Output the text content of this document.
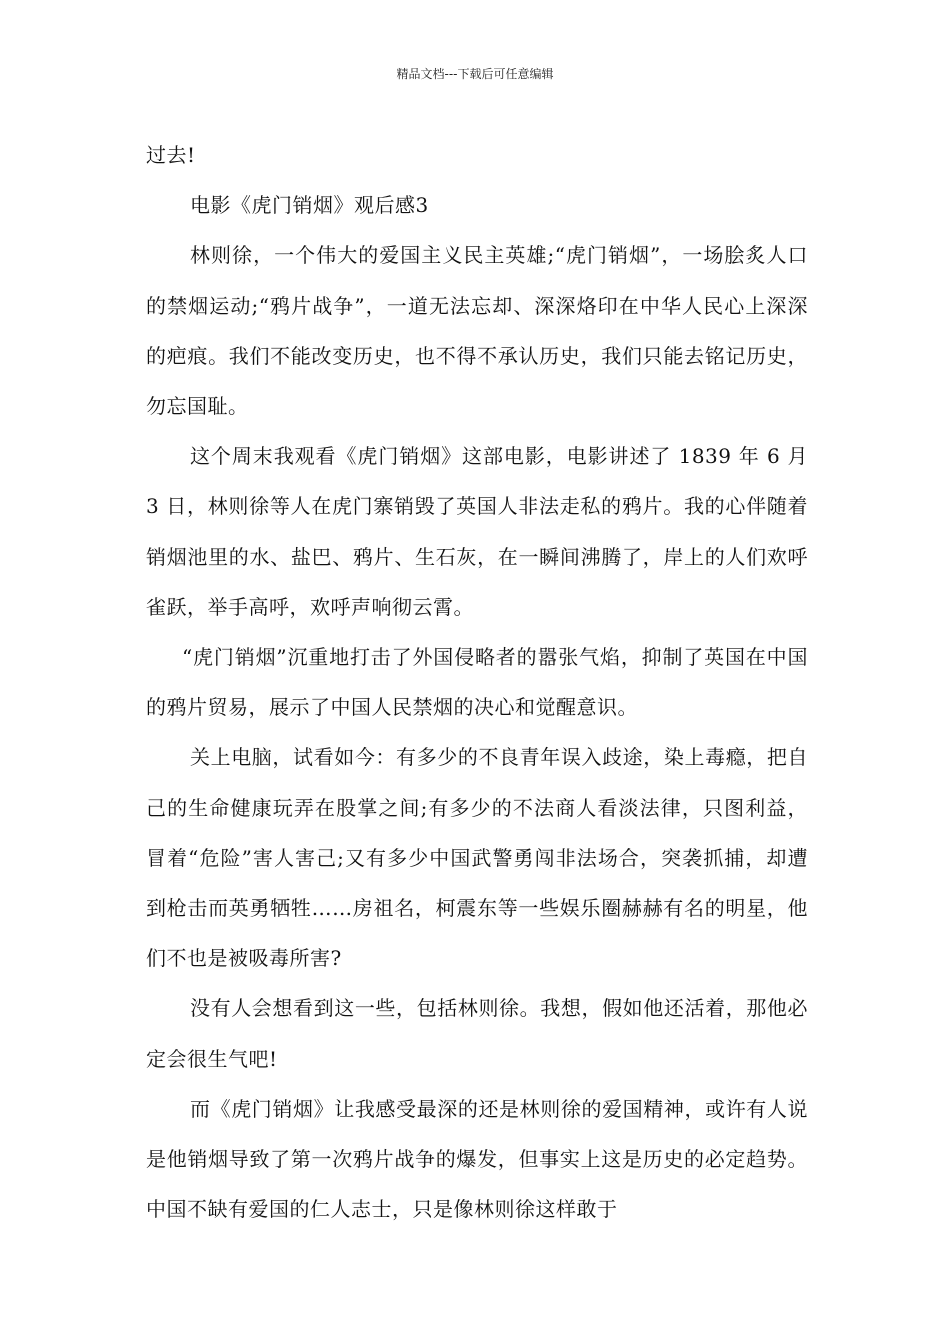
精品文档---下载后可任意编辑

过去!

电影《虎门销烟》观后感3

林则徐，一个伟大的爱国主义民主英雄;“虎门销烟”，一场脍炙人口的禁烟运动;“鸦片战争”，一道无法忘却、深深烙印在中华人民心上深深的疤痕。我们不能改变历史，也不得不承认历史，我们只能去铭记历史，勿忘国耻。

这个周末我观看《虎门销烟》这部电影，电影讲述了 1839 年 6 月 3 日，林则徐等人在虎门寨销毁了英国人非法走私的鸦片。我的心伴随着销烟池里的水、盐巴、鸦片、生石灰，在一瞬间沸腾了，岸上的人们欢呼雀跃，举手高呼，欢呼声响彻云霄。

“虎门销烟”沉重地打击了外国侵略者的嚣张气焰，抑制了英国在中国的鸦片贸易，展示了中国人民禁烟的决心和觉醒意识。

关上电脑，试看如今：有多少的不良青年误入歧途，染上毒瘾，把自己的生命健康玩弄在股掌之间;有多少的不法商人看淡法律，只图利益，冒着“危险”害人害己;又有多少中国武警勇闯非法场合，突袭抓捕，却遭到枪击而英勇牺牲……房祖名，柯震东等一些娱乐圈赫赫有名的明星，他们不也是被吸毒所害?

没有人会想看到这一些，包括林则徐。我想，假如他还活着，那他必定会很生气吧!

而《虎门销烟》让我感受最深的还是林则徐的爱国精神，或许有人说是他销烟导致了第一次鸦片战争的爆发，但事实上这是历史的必定趋势。中国不缺有爱国的仁人志士，只是像林则徐这样敢于
